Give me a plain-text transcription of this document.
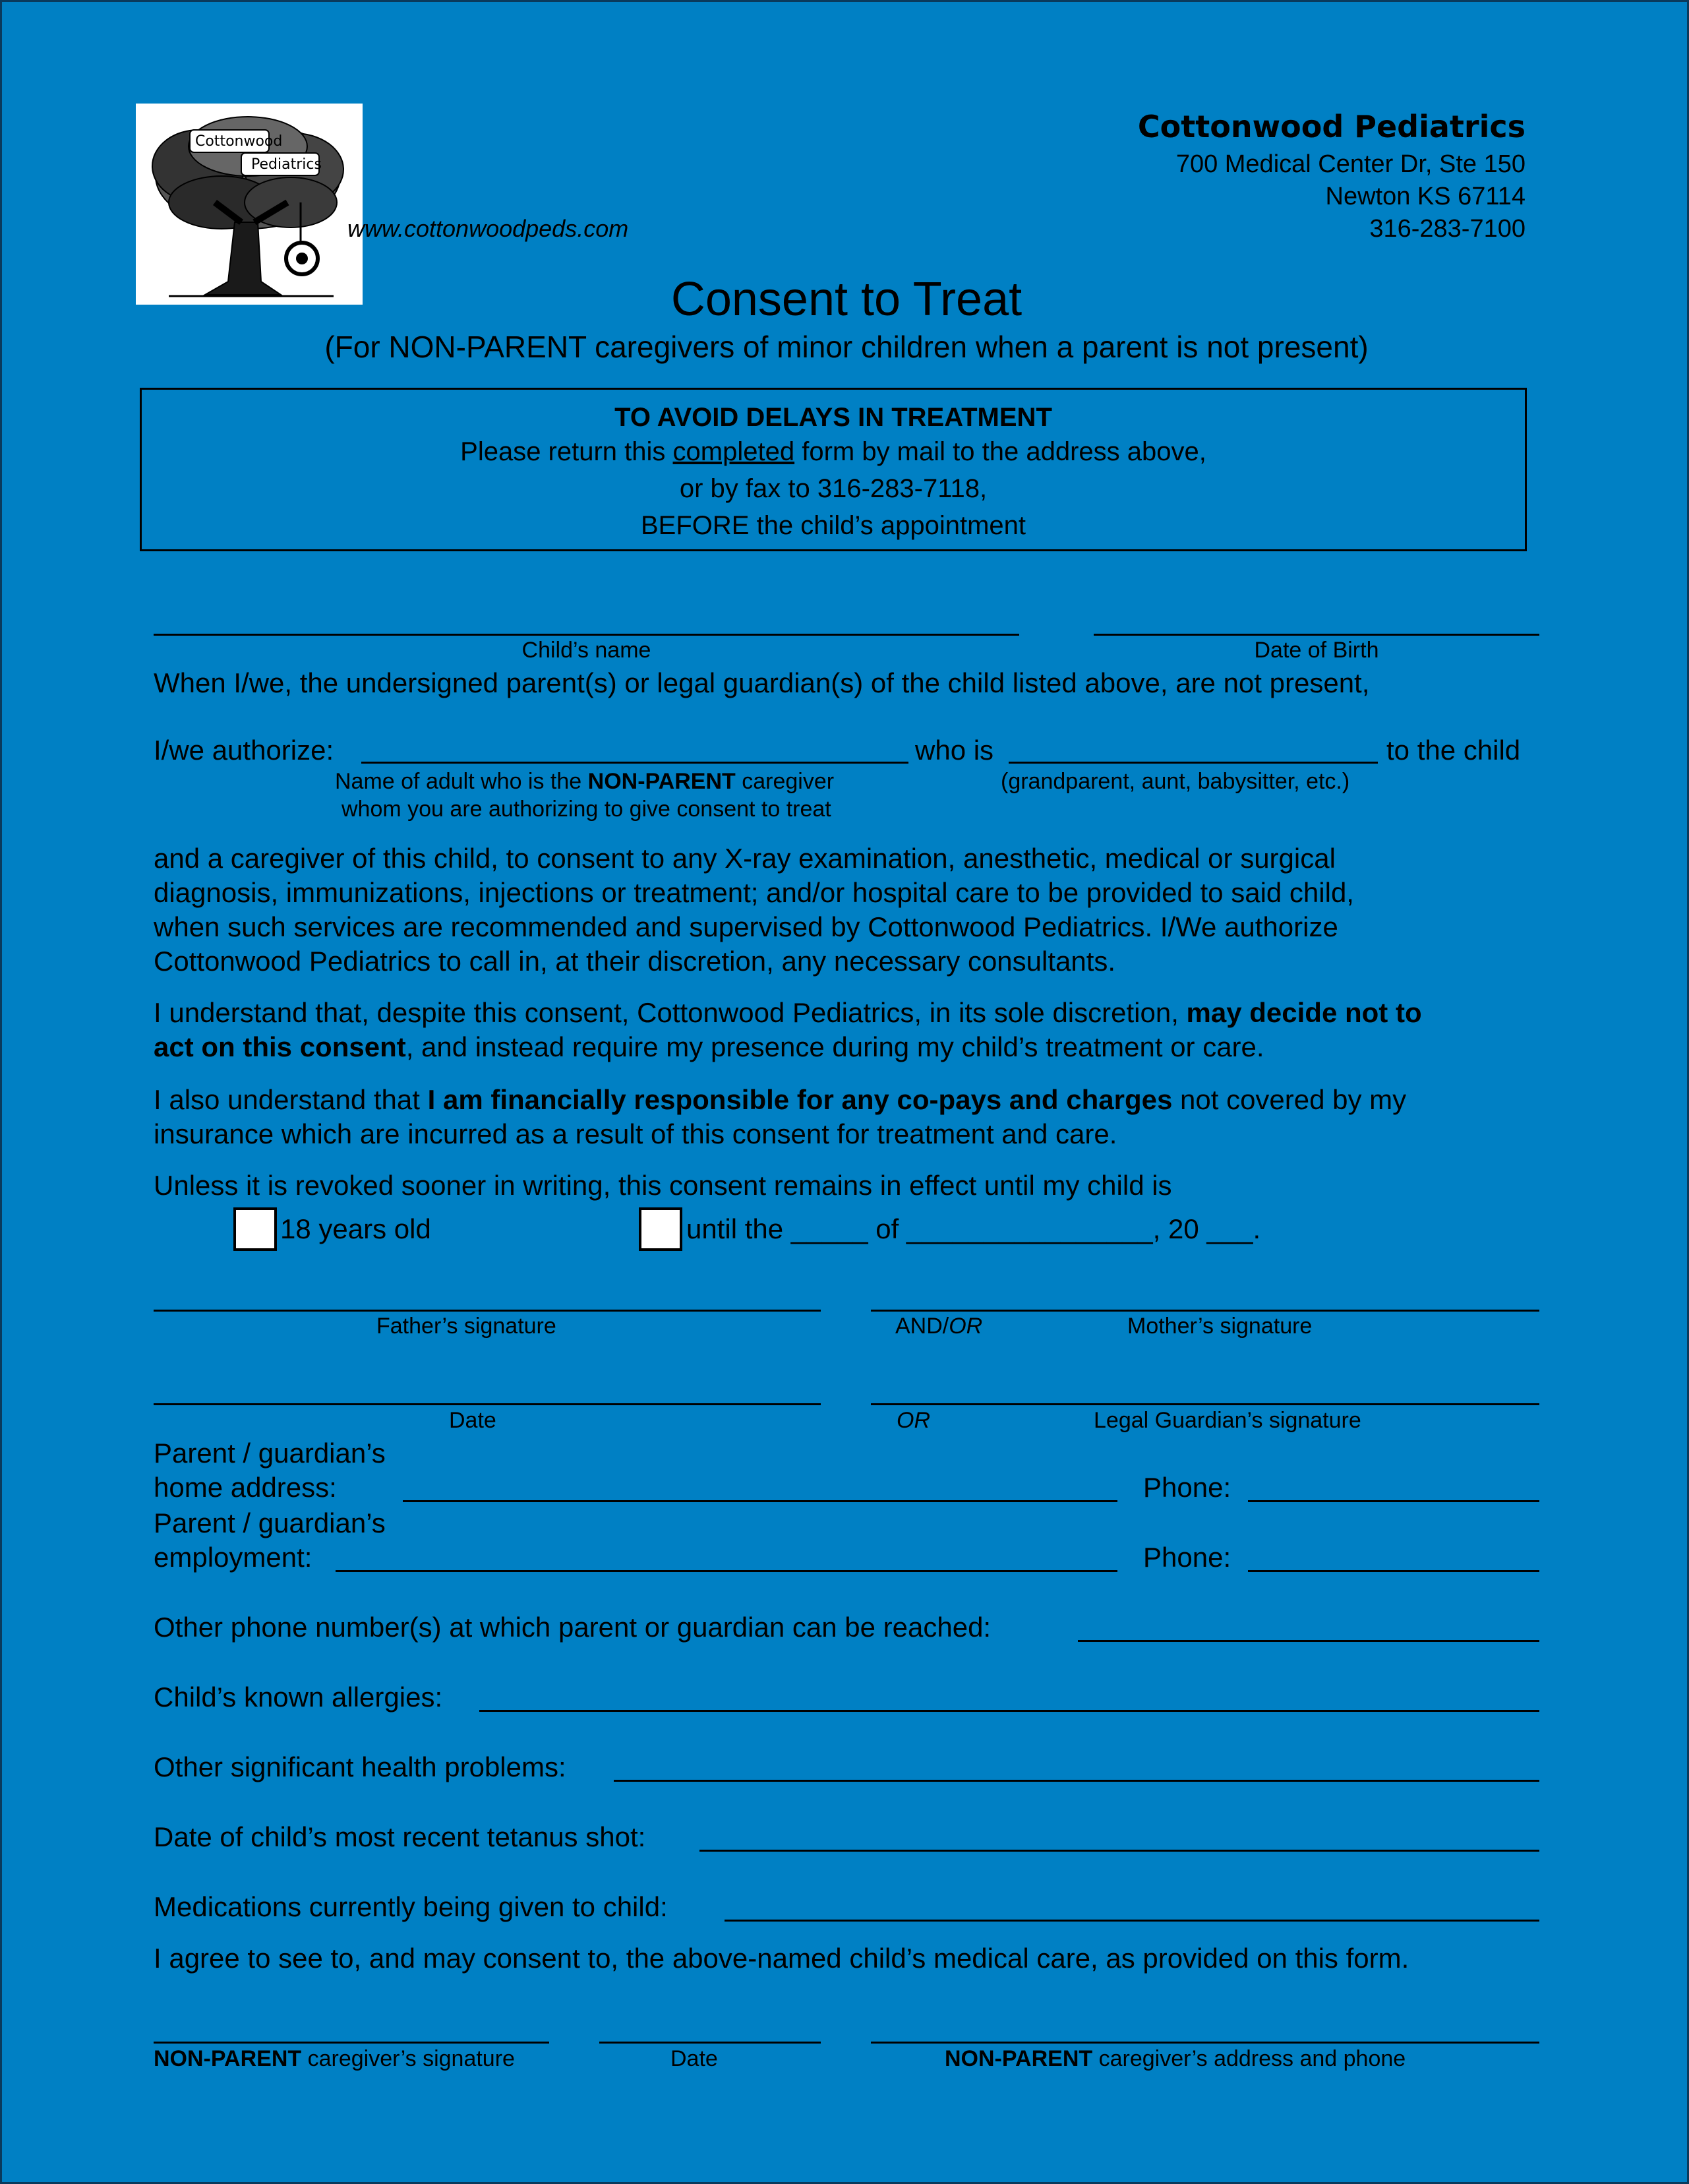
Cottonwood
Pediatrics
www.cottonwoodpeds.com
Cottonwood Pediatrics
700 Medical Center Dr, Ste 150
Newton KS 67114
316-283-7100
Consent to Treat
(For NON-PARENT caregivers of minor children when a parent is not present)
TO AVOID DELAYS IN TREATMENT
Please return this completed form by mail to the address above,
or by fax to 316-283-7118,
BEFORE the child’s appointment
Child’s name	Date of Birth
When I/we, the undersigned parent(s) or legal guardian(s) of the child listed above, are not present,
I/we authorize:	who is	to the child
Name of adult who is the NON-PARENT caregiver
whom you are authorizing to give consent to treat
(grandparent, aunt, babysitter, etc.)
and a caregiver of this child, to consent to any X-ray examination, anesthetic, medical or surgical
diagnosis, immunizations, injections or treatment; and/or hospital care to be provided to said child,
when such services are recommended and supervised by Cottonwood Pediatrics. I/We authorize
Cottonwood Pediatrics to call in, at their discretion, any necessary consultants.
I understand that, despite this consent, Cottonwood Pediatrics, in its sole discretion, may decide not to
act on this consent, and instead require my presence during my child’s treatment or care.
I also understand that I am financially responsible for any co-pays and charges not covered by my
insurance which are incurred as a result of this consent for treatment and care.
Unless it is revoked sooner in writing, this consent remains in effect until my child is
18 years old	until the _____ of ________________, 20 ___.
Father’s signature	AND/OR	Mother’s signature
Date	OR	Legal Guardian’s signature
Parent / guardian’s
home address:	Phone:
Parent / guardian’s
employment:	Phone:
Other phone number(s) at which parent or guardian can be reached:
Child’s known allergies:
Other significant health problems:
Date of child’s most recent tetanus shot:
Medications currently being given to child:
I agree to see to, and may consent to, the above-named child’s medical care, as provided on this form.
NON-PARENT caregiver’s signature	Date	NON-PARENT caregiver’s address and phone
